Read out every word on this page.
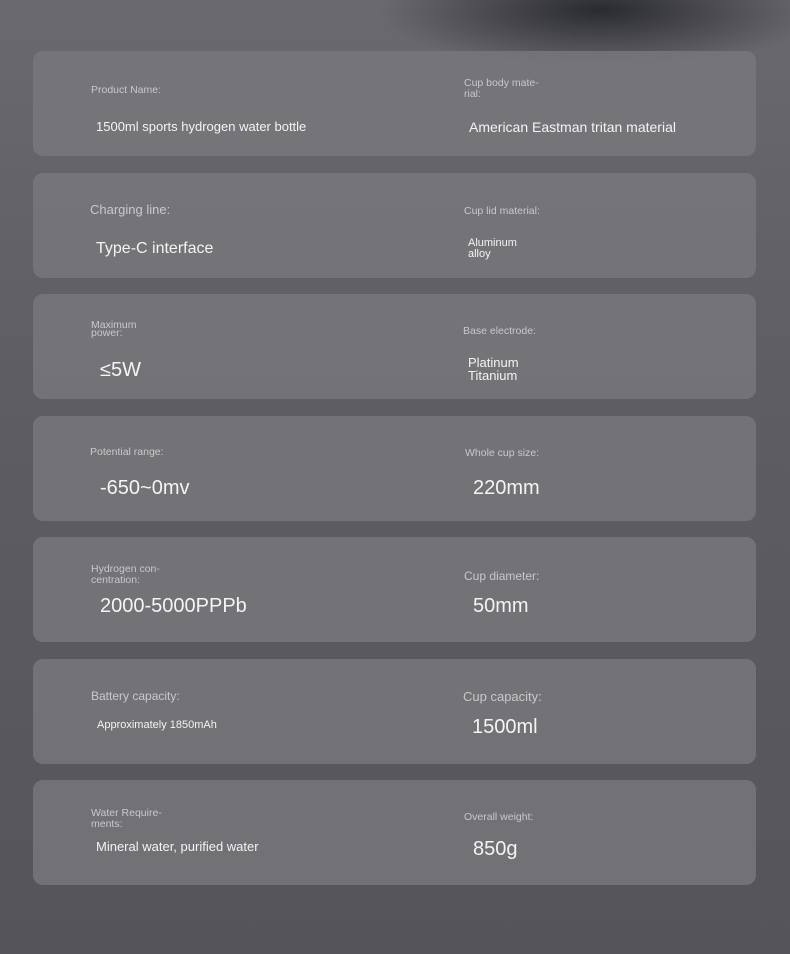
Product Name:
1500ml sports hydrogen water bottle
Cup body mate-
rial:
American Eastman tritan material
Charging line:
Type-C interface
Cup lid material:
Aluminum
alloy
Maximum
power:
≤5W
Base electrode:
Platinum
Titanium
Potential range:
-650~0mv
Whole cup size:
220mm
Hydrogen con-
centration:
2000-5000PPPb
Cup diameter:
50mm
Battery capacity:
Approximately 1850mAh
Cup capacity:
1500ml
Water Require-
ments:
Mineral water, purified water
Overall weight:
850g
